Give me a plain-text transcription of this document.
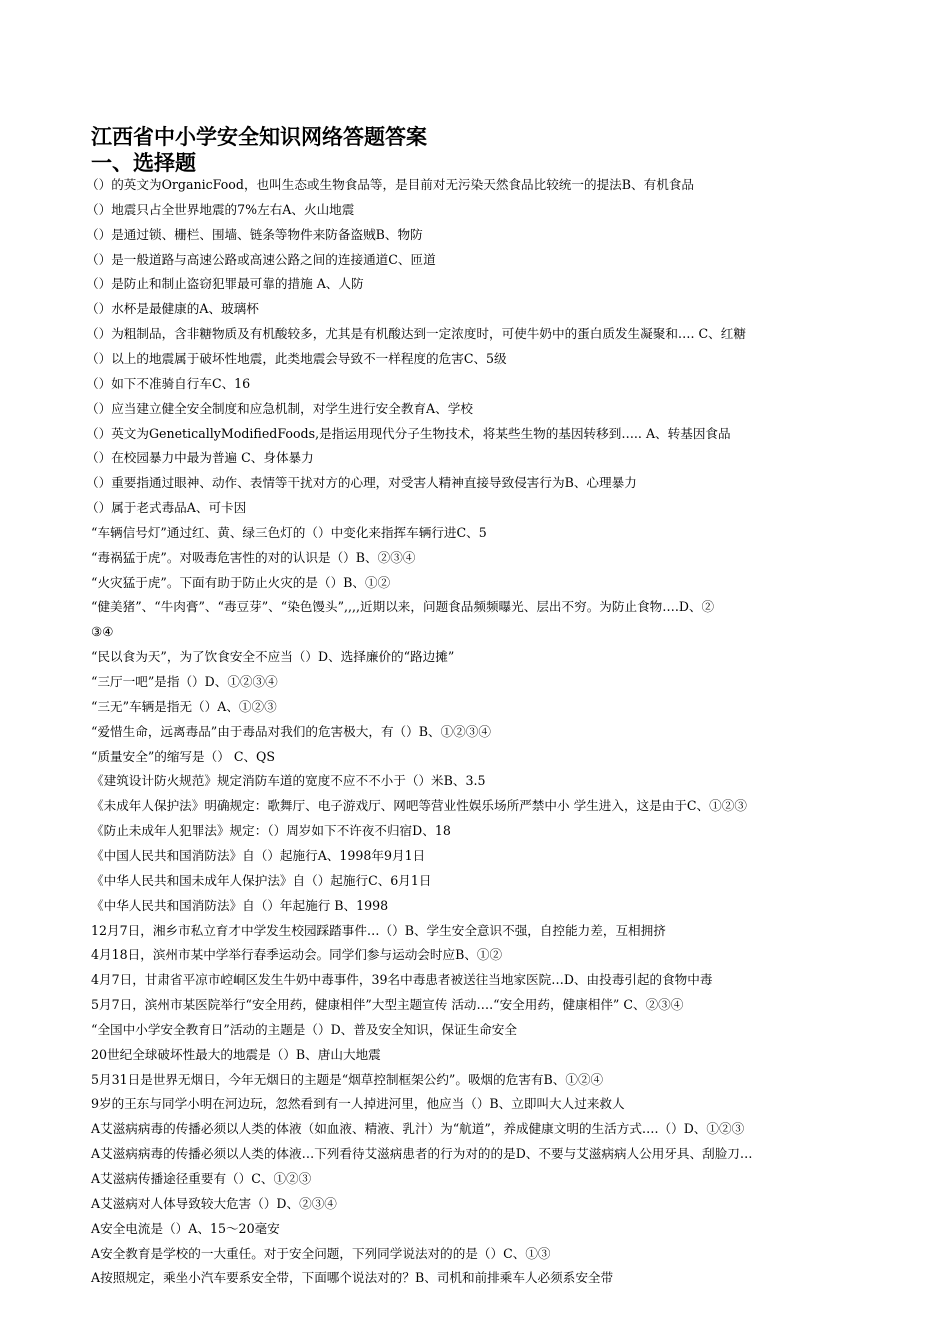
江西省中小学安全知识网络答题答案
一、选择题
（）的英文为OrganicFood，也叫生态或生物食品等，是目前对无污染天然食品比较统一的提法B、有机食品
（）地震只占全世界地震的7%左右A、火山地震
（）是通过锁、栅栏、围墙、链条等物件来防备盗贼B、物防
（）是一般道路与高速公路或高速公路之间的连接通道C、匝道
（）是防止和制止盗窃犯罪最可靠的措施 A、人防
（）水杯是最健康的A、玻璃杯
（）为粗制品，含非糖物质及有机酸较多，尤其是有机酸达到一定浓度时，可使牛奶中的蛋白质发生凝聚和…. C、红糖
（）以上的地震属于破坏性地震，此类地震会导致不一样程度的危害C、5级
（）如下不准骑自行车C、16
（）应当建立健全安全制度和应急机制，对学生进行安全教育A、学校
（）英文为GeneticallyModifiedFoods,是指运用现代分子生物技术，将某些生物的基因转移到….. A、转基因食品
（）在校园暴力中最为普遍 C、身体暴力
（）重要指通过眼神、动作、表情等干扰对方的心理，对受害人精神直接导致侵害行为B、心理暴力
（）属于老式毒品A、可卡因
“车辆信号灯”通过红、黄、绿三色灯的（）中变化来指挥车辆行进C、5
“毒祸猛于虎”。对吸毒危害性的对的认识是（）B、②③④
“火灾猛于虎”。下面有助于防止火灾的是（）B、①②
“健美猪”、“牛肉膏”、“毒豆芽”、“染色馒头”,,,,近期以来，问题食品频频曝光、层出不穷。为防止食物….D、②
③④
“民以食为天”，为了饮食安全不应当（）D、选择廉价的“路边摊”
“三厅一吧”是指（）D、①②③④
“三无”车辆是指无（）A、①②③
“爱惜生命，远离毒品”由于毒品对我们的危害极大，有（）B、①②③④
“质量安全”的缩写是（） C、QS
《建筑设计防火规范》规定消防车道的宽度不应不不小于（）米B、3.5
《未成年人保护法》明确规定：歌舞厅、电子游戏厅、网吧等营业性娱乐场所严禁中小 学生进入，这是由于C、①②③
《防止未成年人犯罪法》规定：（）周岁如下不许夜不归宿D、18
《中国人民共和国消防法》自（）起施行A、1998年9月1日
《中华人民共和国未成年人保护法》自（）起施行C、6月1日
《中华人民共和国消防法》自（）年起施行 B、1998
12月7日，湘乡市私立育才中学发生校园踩踏事件…（）B、学生安全意识不强，自控能力差，互相拥挤
4月18日，滨州市某中学举行春季运动会。同学们参与运动会时应B、①②
4月7日，甘肃省平凉市崆峒区发生牛奶中毒事件，39名中毒患者被送往当地家医院…D、由投毒引起的食物中毒
5月7日，滨州市某医院举行“安全用药，健康相伴”大型主题宣传 活动….“安全用药，健康相伴” C、②③④
“全国中小学安全教育日”活动的主题是（）D、普及安全知识，保证生命安全
20世纪全球破坏性最大的地震是（）B、唐山大地震
5月31日是世界无烟日，今年无烟日的主题是“烟草控制框架公约”。吸烟的危害有B、①②④
9岁的王东与同学小明在河边玩，忽然看到有一人掉进河里，他应当（）B、立即叫大人过来救人
A艾滋病病毒的传播必须以人类的体液（如血液、精液、乳汁）为“航道”，养成健康文明的生活方式….（）D、①②③
A艾滋病病毒的传播必须以人类的体液…下列看待艾滋病患者的行为对的的是D、不要与艾滋病病人公用牙具、刮脸刀…
A艾滋病传播途径重要有（）C、①②③
A艾滋病对人体导致较大危害（）D、②③④
A安全电流是（）A、15～20毫安
A安全教育是学校的一大重任。对于安全问题，下列同学说法对的的是（）C、①③
A按照规定，乘坐小汽车要系安全带，下面哪个说法对的？B、司机和前排乘车人必须系安全带
